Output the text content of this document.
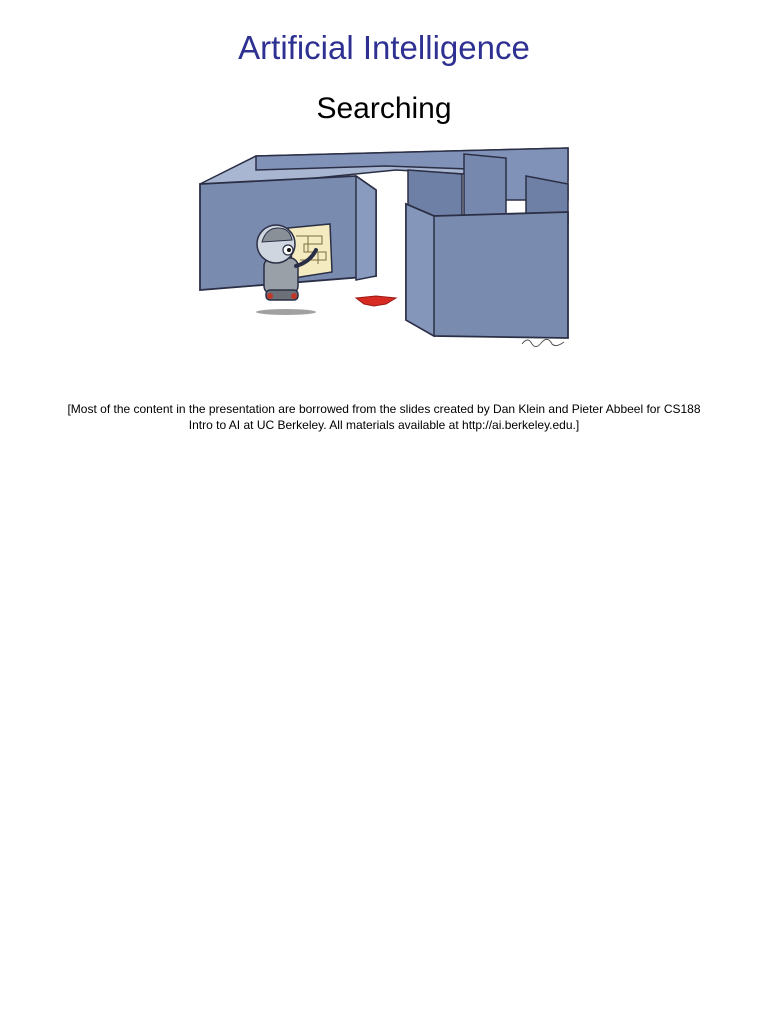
Artificial Intelligence
Searching
[Most of the content in the presentation are borrowed from the slides created by Dan Klein and Pieter Abbeel for CS188
Intro to AI at UC Berkeley. All materials available at http://ai.berkeley.edu.]
